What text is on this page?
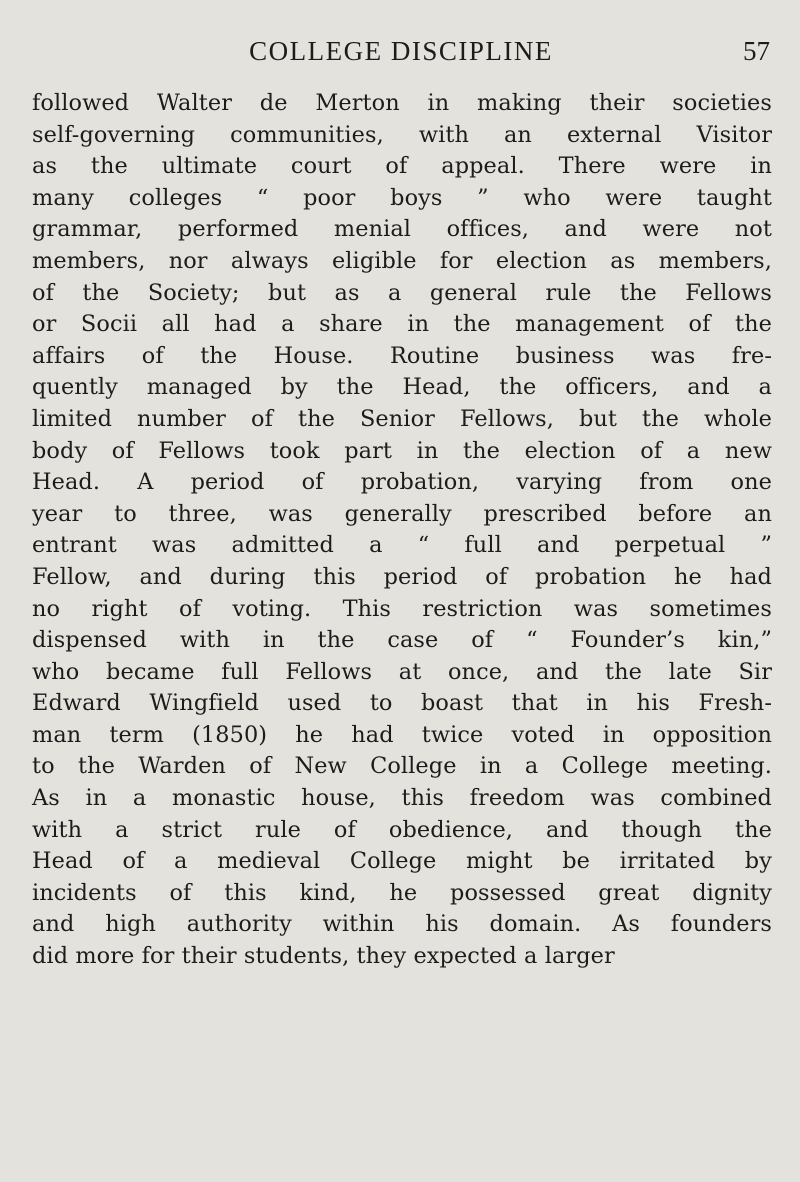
COLLEGE DISCIPLINE	57
followed Walter de Merton in making their societies
self-governing communities, with an external Visitor
as the ultimate court of appeal. There were in
many colleges “ poor boys ” who were taught
grammar, performed menial offices, and were not
members, nor always eligible for election as members,
of the Society; but as a general rule the Fellows
or Socii all had a share in the management of the
affairs of the House. Routine business was fre-
quently managed by the Head, the officers, and a
limited number of the Senior Fellows, but the whole
body of Fellows took part in the election of a new
Head. A period of probation, varying from one
year to three, was generally prescribed before an
entrant was admitted a “ full and perpetual ”
Fellow, and during this period of probation he had
no right of voting. This restriction was sometimes
dispensed with in the case of “ Founder’s kin,”
who became full Fellows at once, and the late Sir
Edward Wingfield used to boast that in his Fresh-
man term (1850) he had twice voted in opposition
to the Warden of New College in a College meeting.
As in a monastic house, this freedom was combined
with a strict rule of obedience, and though the
Head of a medieval College might be irritated by
incidents of this kind, he possessed great dignity
and high authority within his domain. As founders
did more for their students, they expected a larger
